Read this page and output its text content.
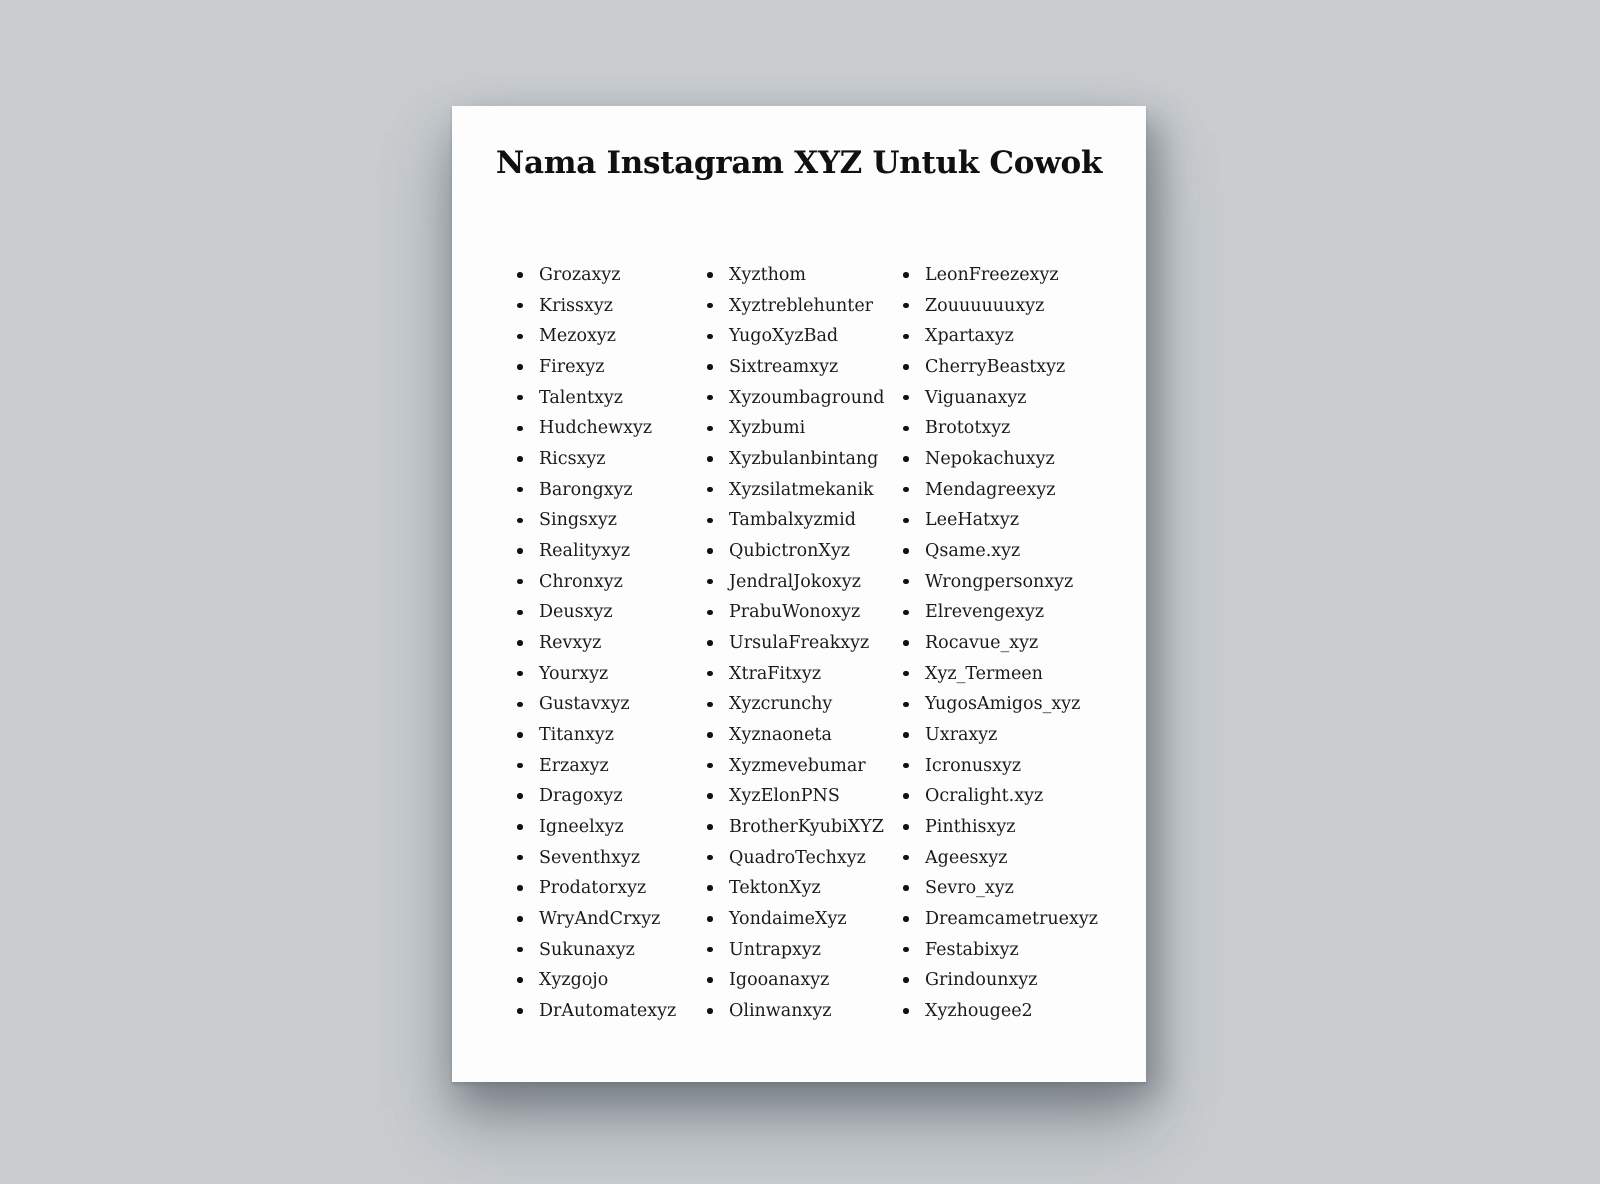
Nama Instagram XYZ Untuk Cowok
Grozaxyz
Krissxyz
Mezoxyz
Firexyz
Talentxyz
Hudchewxyz
Ricsxyz
Barongxyz
Singsxyz
Realityxyz
Chronxyz
Deusxyz
Revxyz
Yourxyz
Gustavxyz
Titanxyz
Erzaxyz
Dragoxyz
Igneelxyz
Seventhxyz
Prodatorxyz
WryAndCrxyz
Sukunaxyz
Xyzgojo
DrAutomatexyz
Xyzthom
Xyztreblehunter
YugoXyzBad
Sixtreamxyz
Xyzoumbaground
Xyzbumi
Xyzbulanbintang
Xyzsilatmekanik
Tambalxyzmid
QubictronXyz
JendralJokoxyz
PrabuWonoxyz
UrsulaFreakxyz
XtraFitxyz
Xyzcrunchy
Xyznaoneta
Xyzmevebumar
XyzElonPNS
BrotherKyubiXYZ
QuadroTechxyz
TektonXyz
YondaimeXyz
Untrapxyz
Igooanaxyz
Olinwanxyz
LeonFreezexyz
Zouuuuuuxyz
Xpartaxyz
CherryBeastxyz
Viguanaxyz
Brototxyz
Nepokachuxyz
Mendagreexyz
LeeHatxyz
Qsame.xyz
Wrongpersonxyz
Elrevengexyz
Rocavue_xyz
Xyz_Termeen
YugosAmigos_xyz
Uxraxyz
Icronusxyz
Ocralight.xyz
Pinthisxyz
Ageesxyz
Sevro_xyz
Dreamcametruexyz
Festabixyz
Grindounxyz
Xyzhougee2
